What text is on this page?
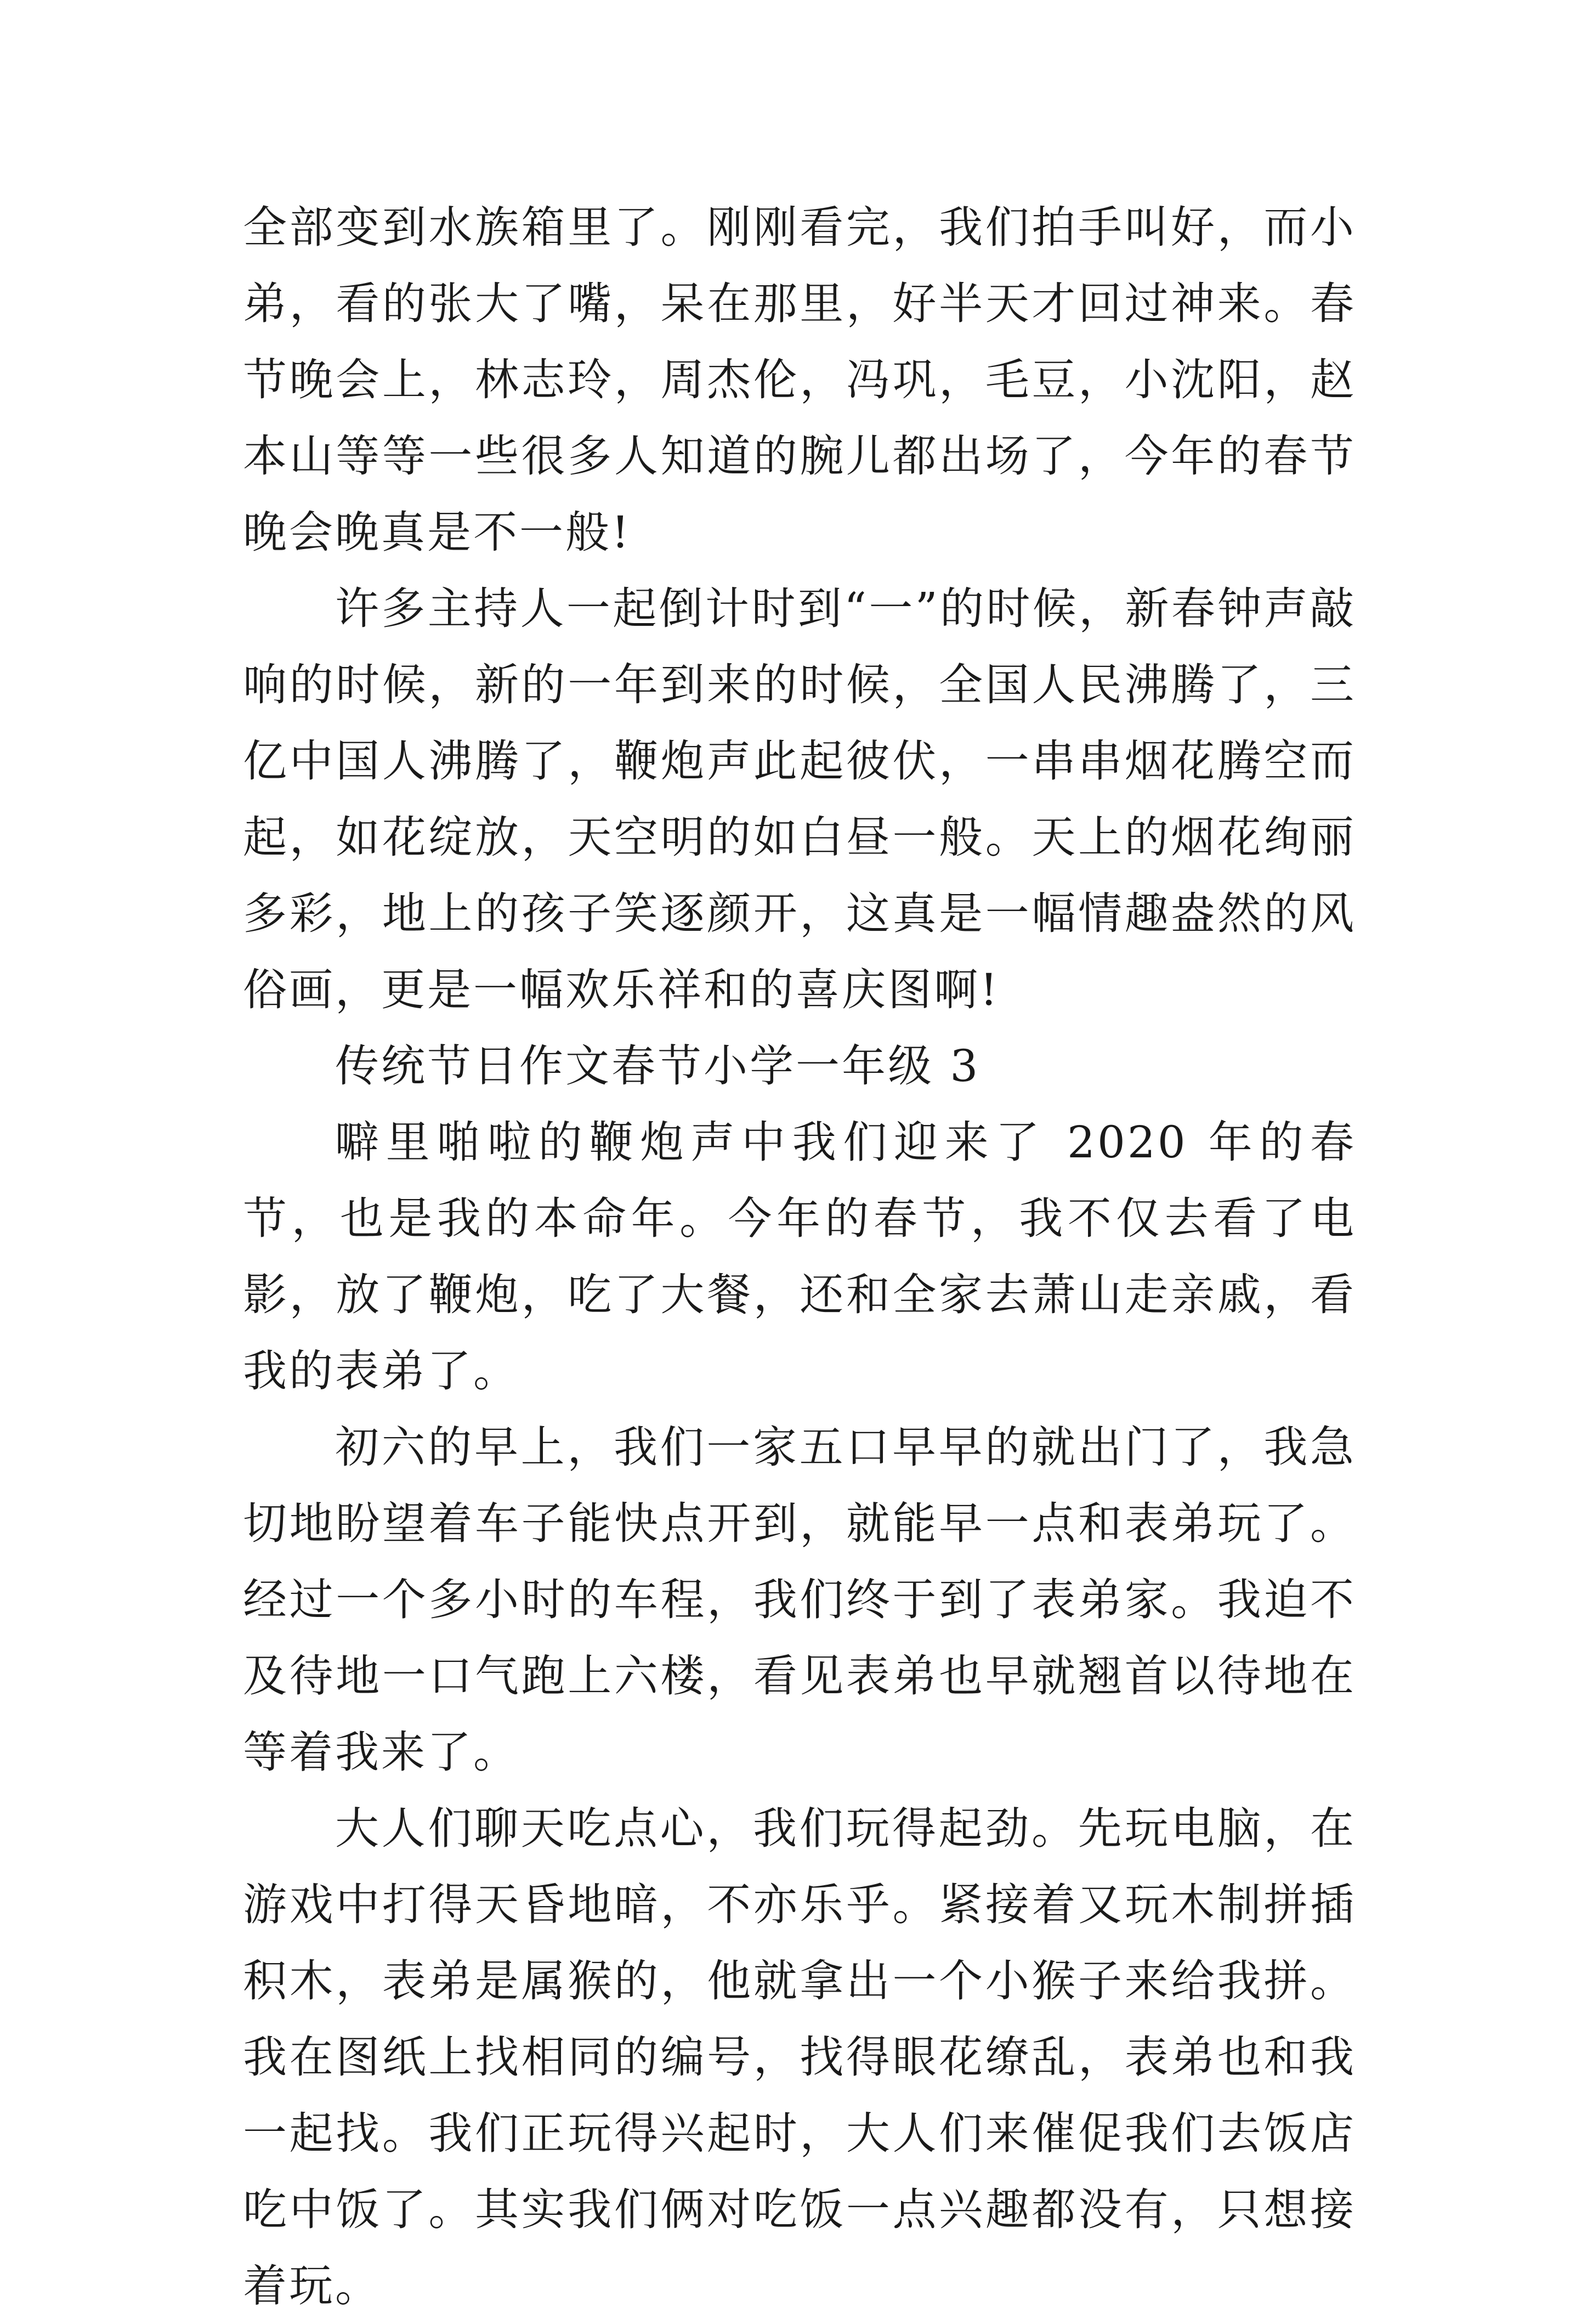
全部变到水族箱里了。刚刚看完，我们拍手叫好，而小弟，看的张大了嘴，呆在那里，好半天才回过神来。春节晚会上，林志玲，周杰伦，冯巩，毛豆，小沈阳，赵本山等等一些很多人知道的腕儿都出场了，今年的春节晚会晚真是不一般!

许多主持人一起倒计时到“一”的时候，新春钟声敲响的时候，新的一年到来的时候，全国人民沸腾了，三亿中国人沸腾了，鞭炮声此起彼伏，一串串烟花腾空而起，如花绽放，天空明的如白昼一般。天上的烟花绚丽多彩，地上的孩子笑逐颜开，这真是一幅情趣盎然的风俗画，更是一幅欢乐祥和的喜庆图啊!

传统节日作文春节小学一年级 3

噼里啪啦的鞭炮声中我们迎来了 2020 年的春节，也是我的本命年。今年的春节，我不仅去看了电影，放了鞭炮，吃了大餐，还和全家去萧山走亲戚，看我的表弟了。

初六的早上，我们一家五口早早的就出门了，我急切地盼望着车子能快点开到，就能早一点和表弟玩了。经过一个多小时的车程，我们终于到了表弟家。我迫不及待地一口气跑上六楼，看见表弟也早就翘首以待地在等着我来了。

大人们聊天吃点心，我们玩得起劲。先玩电脑，在游戏中打得天昏地暗，不亦乐乎。紧接着又玩木制拼插积木，表弟是属猴的，他就拿出一个小猴子来给我拼。我在图纸上找相同的编号，找得眼花缭乱，表弟也和我一起找。我们正玩得兴起时，大人们来催促我们去饭店吃中饭了。其实我们俩对吃饭一点兴趣都没有，只想接着玩。
